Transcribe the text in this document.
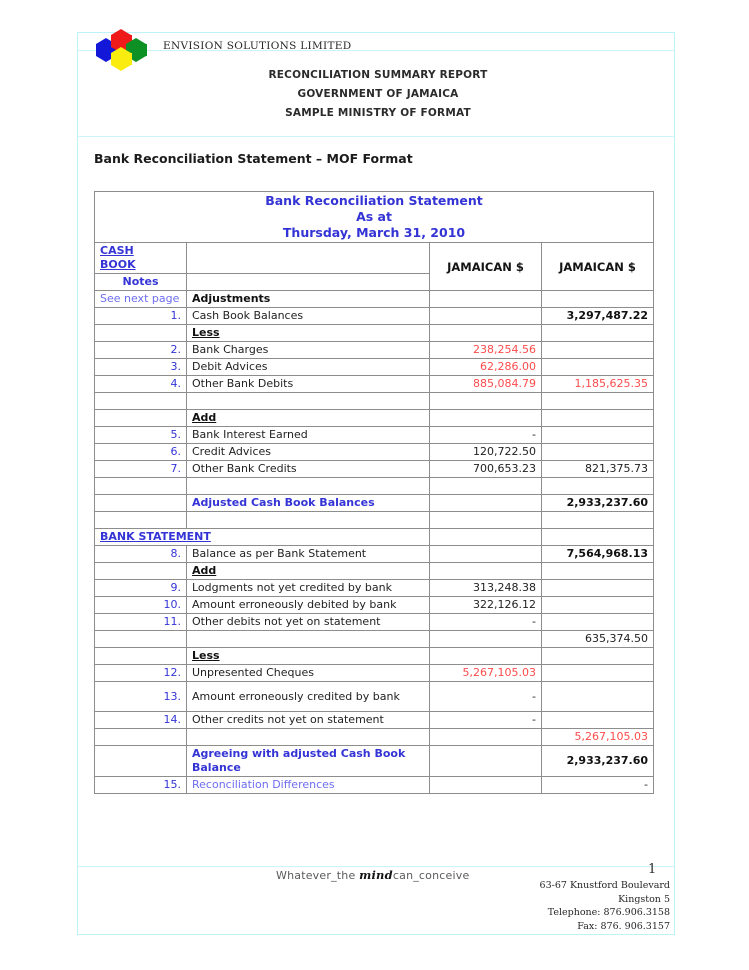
ENVISION SOLUTIONS LIMITED
RECONCILIATION SUMMARY REPORT
GOVERNMENT OF JAMAICA
SAMPLE MINISTRY OF FORMAT
Bank Reconciliation Statement – MOF Format
Bank Reconciliation Statement
As at
Thursday, March 31, 2010			

CASH
BOOK		JAMAICAN $	JAMAICAN $
Notes			
See next page	Adjustments		
1.	Cash Book Balances		3,297,487.22
	Less		
2.	Bank Charges	238,254.56	
3.	Debit Advices	62,286.00	
4.	Other Bank Debits	885,084.79	1,185,625.35

	Add		
5.	Bank Interest Earned	-	
6.	Credit Advices	120,722.50	
7.	Other Bank Credits	700,653.23	821,375.73

	Adjusted Cash Book Balances		2,933,237.60

BANK STATEMENT			
8.	Balance as per Bank Statement		7,564,968.13
	Add		
9.	Lodgments not yet credited by bank	313,248.38	
10.	Amount erroneously debited by bank	322,126.12	
11.	Other debits not yet on statement	-	
			635,374.50
	Less		
12.	Unpresented Cheques	5,267,105.03	
13.	Amount erroneously credited by bank	-	
14.	Other credits not yet on statement	-	
			5,267,105.03
	Agreeing with adjusted Cash Book Balance		2,933,237.60
15.	Reconciliation Differences		-
Whatever_the mindcan_conceive	1
63-67 Knustford Boulevard
Kingston 5
Telephone: 876.906.3158
Fax: 876. 906.3157
